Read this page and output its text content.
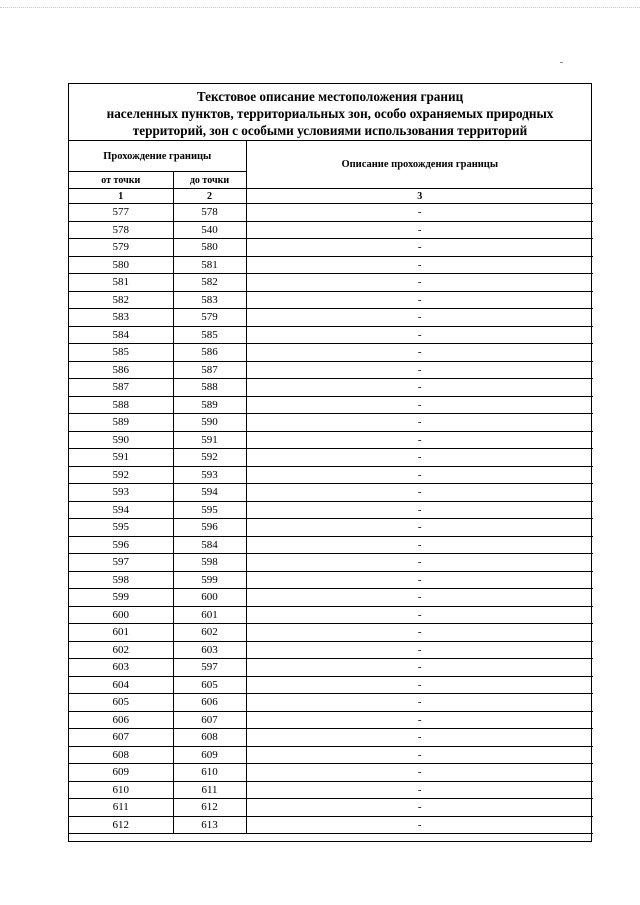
Текстовое описание местоположения границ
населенных пунктов, территориальных зон, особо охраняемых природных
территорий, зон с особыми условиями использования территорий
Прохождение границы		Описание прохождения границы
от точки	до точки	
1	2	3
577	578	-
578	540	-
579	580	-
580	581	-
581	582	-
582	583	-
583	579	-
584	585	-
585	586	-
586	587	-
587	588	-
588	589	-
589	590	-
590	591	-
591	592	-
592	593	-
593	594	-
594	595	-
595	596	-
596	584	-
597	598	-
598	599	-
599	600	-
600	601	-
601	602	-
602	603	-
603	597	-
604	605	-
605	606	-
606	607	-
607	608	-
608	609	-
609	610	-
610	611	-
611	612	-
612	613	-
